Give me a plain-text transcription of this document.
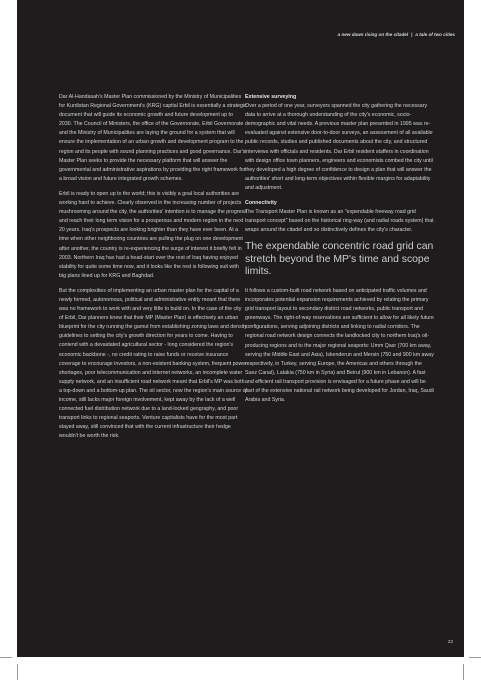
a new dawn rising on the citadel | a tale of two cities

Dar Al-Handasah's Master Plan commissioned by the Ministry of Municipalities for Kurdistan Regional Government's (KRG) capital Erbil is essentially a strategic document that will guide its economic growth and future development up to 2030. The Council of Ministers, the office of the Governorate, Erbil Governorate and the Ministry of Municipalities are laying the ground for a system that will ensure the implementation of an urban growth and development program to the region and its people with sound planning practices and good governance. Dar's Master Plan seeks to provide the necessary platform that will answer the governmental and administrative aspirations by providing the right framework for a broad vision and future integrated growth schemes.

Erbil is ready to open up to the world; this is visibly a goal local authorities are working hard to achieve. Clearly observed in the increasing number of projects mushrooming around the city, the authorities' intention is to manage the progress and reach their long term vision for a prosperous and modern region in the next 20 years. Iraq's prospects are looking brighter than they have ever been. At a time when other neighboring countries are pulling the plug on one development after another, the country is re-experiencing the surge of interest it briefly felt in 2003. Northern Iraq has had a head-start over the rest of Iraq having enjoyed stability for quite some time now, and it looks like the rest is following suit with big plans lined up for KRG and Baghdad.

But the complexities of implementing an urban master plan for the capital of a newly formed, autonomous, political and administrative entity meant that there was no framework to work with and very little to build on. In the case of the city of Erbil, Dar planners knew that their MP (Master Plan) is effectively an urban blueprint for the city running the gamut from establishing zoning laws and density guidelines to setting the city's growth direction for years to come. Having to contend with a devastated agricultural sector - long considered the region's economic backbone -, no credit rating to raise funds or receive insurance coverage to encourage investors, a non-existent banking system, frequent power shortages, poor telecommunication and internet networks, an incomplete water supply network, and an insufficient road network meant that Erbil's MP was both a top-down and a bottom-up plan. The oil sector, now the region's main source of income, still lacks major foreign involvement, kept away by the lack of a well connected fuel distribution network due to a land-locked geography, and poor transport links to regional seaports. Venture capitalists have for the most part stayed away, still convinced that with the current infrastructure their hedge wouldn't be worth the risk.

Extensive surveying

Over a period of one year, surveyors spanned the city gathering the necessary data to arrive at a thorough understanding of the city's economic, socio-demographic and vital needs. A previous master plan presented in 1995 was re-evaluated against extensive door-to-door surveys, an assessment of all available public records, studies and published documents about the city, and structured interviews with officials and residents. Dar Erbil resident staffers in coordination with design office town planners, engineers and economists combed the city until they developed a high degree of confidence to design a plan that will answer the authorities' short and long-term objectives within flexible margins for adaptability and adjustment.

Connectivity

The Transport Master Plan is known as an "expendable freeway road grid transport concept" based on the historical ring-way (and radial roads system) that wraps around the citadel and so distinctively defines the city's character.

The expendable concentric road grid can stretch beyond the MP's time and scope limits.

It follows a custom-built road network based on anticipated traffic volumes and incorporates potential expansion requirements achieved by relating the primary grid transport layout to secondary district road networks, public transport and greenways. The right-of-way reservations are sufficient to allow for all likely future configurations, serving adjoining districts and linking to radial corridors. The regional road network design connects the landlocked city to northern Iraq's oil-producing regions and to the major regional seaports: Umm Qasr (700 km away, serving the Middle East and Asia), Iskenderun and Mersin (750 and 900 km away respectively, in Turkey, serving Europe, the Americas and others through the Suez Canal), Latakia (750 km in Syria) and Beirut (900 km in Lebanon). A fast and efficient rail transport provision is envisaged for a future phase and will be part of the extensive national rail network being developed for Jordan, Iraq, Saudi Arabia and Syria.

23
